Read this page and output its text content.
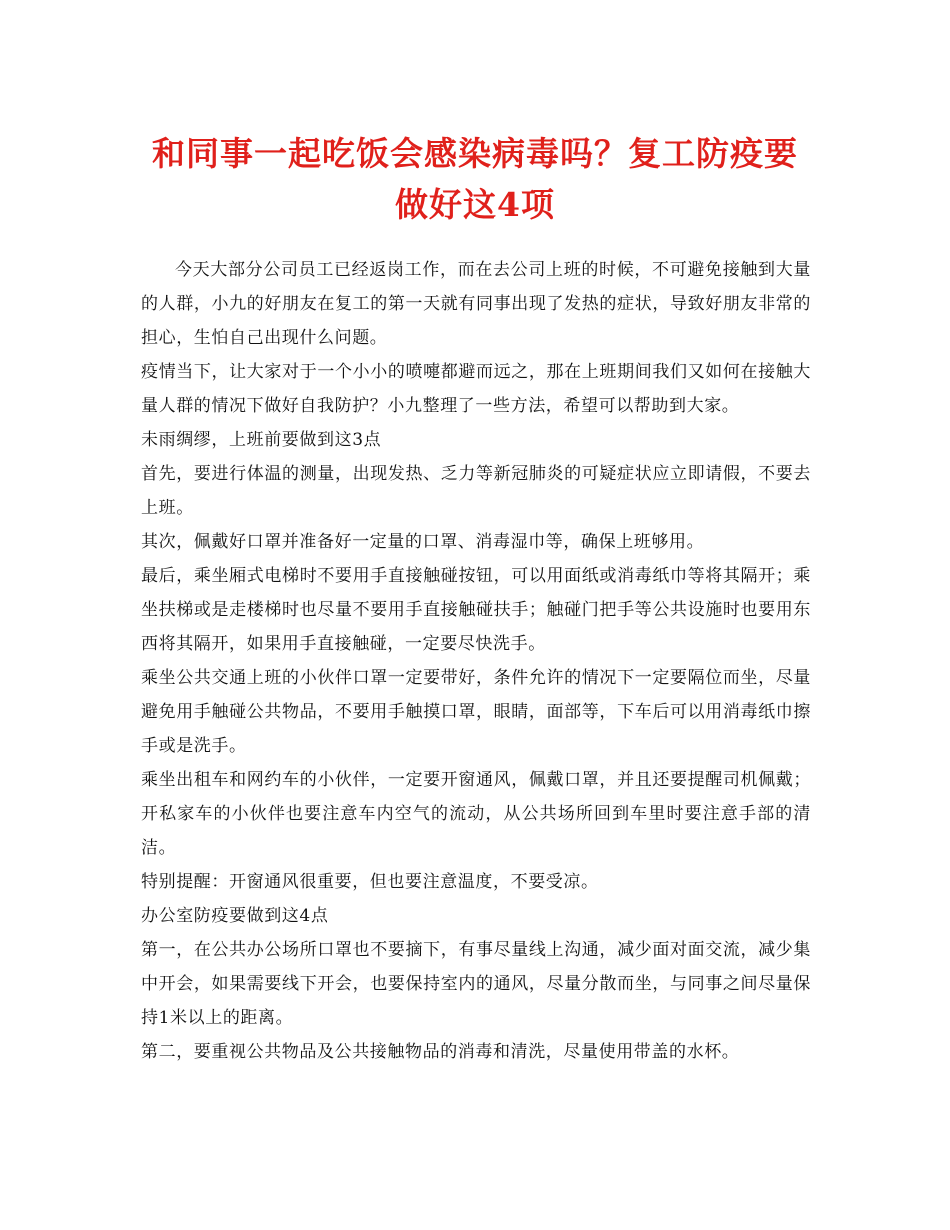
和同事一起吃饭会感染病毒吗？复工防疫要
做好这4项

今天大部分公司员工已经返岗工作，而在去公司上班的时候，不可避免接触到大量的人群，小九的好朋友在复工的第一天就有同事出现了发热的症状，导致好朋友非常的担心，生怕自己出现什么问题。

疫情当下，让大家对于一个小小的喷嚏都避而远之，那在上班期间我们又如何在接触大量人群的情况下做好自我防护？小九整理了一些方法，希望可以帮助到大家。

未雨绸缪，上班前要做到这3点

首先，要进行体温的测量，出现发热、乏力等新冠肺炎的可疑症状应立即请假，不要去上班。

其次，佩戴好口罩并准备好一定量的口罩、消毒湿巾等，确保上班够用。

最后，乘坐厢式电梯时不要用手直接触碰按钮，可以用面纸或消毒纸巾等将其隔开；乘坐扶梯或是走楼梯时也尽量不要用手直接触碰扶手；触碰门把手等公共设施时也要用东西将其隔开，如果用手直接触碰，一定要尽快洗手。

乘坐公共交通上班的小伙伴口罩一定要带好，条件允许的情况下一定要隔位而坐，尽量避免用手触碰公共物品，不要用手触摸口罩，眼睛，面部等，下车后可以用消毒纸巾擦手或是洗手。

乘坐出租车和网约车的小伙伴，一定要开窗通风，佩戴口罩，并且还要提醒司机佩戴；开私家车的小伙伴也要注意车内空气的流动，从公共场所回到车里时要注意手部的清洁。

特别提醒：开窗通风很重要，但也要注意温度，不要受凉。

办公室防疫要做到这4点

第一，在公共办公场所口罩也不要摘下，有事尽量线上沟通，减少面对面交流，减少集中开会，如果需要线下开会，也要保持室内的通风，尽量分散而坐，与同事之间尽量保持1米以上的距离。

第二，要重视公共物品及公共接触物品的消毒和清洗，尽量使用带盖的水杯。
